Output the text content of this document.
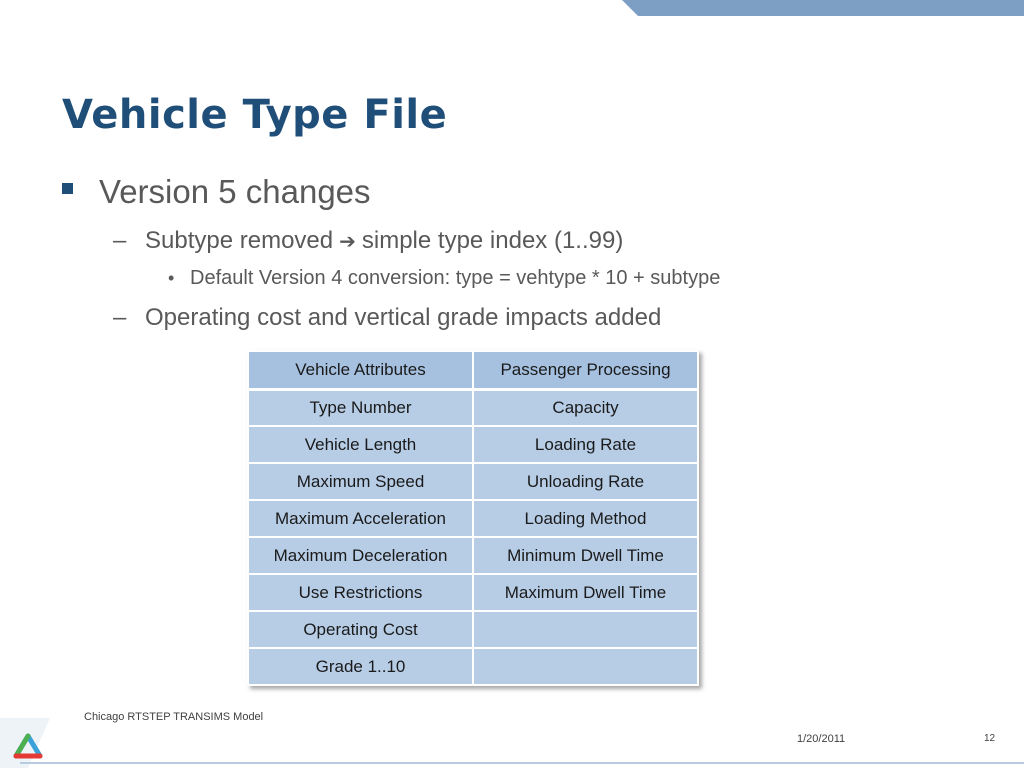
Vehicle Type File
Version 5 changes
– Subtype removed ➔ simple type index (1..99)
• Default Version 4 conversion: type = vehtype * 10 + subtype
– Operating cost and vertical grade impacts added
Vehicle Attributes	Passenger Processing
Type Number	Capacity
Vehicle Length	Loading Rate
Maximum Speed	Unloading Rate
Maximum Acceleration	Loading Method
Maximum Deceleration	Minimum Dwell Time
Use Restrictions	Maximum Dwell Time
Operating Cost	
Grade 1..10	
Chicago RTSTEP TRANSIMS Model
1/20/2011	12
